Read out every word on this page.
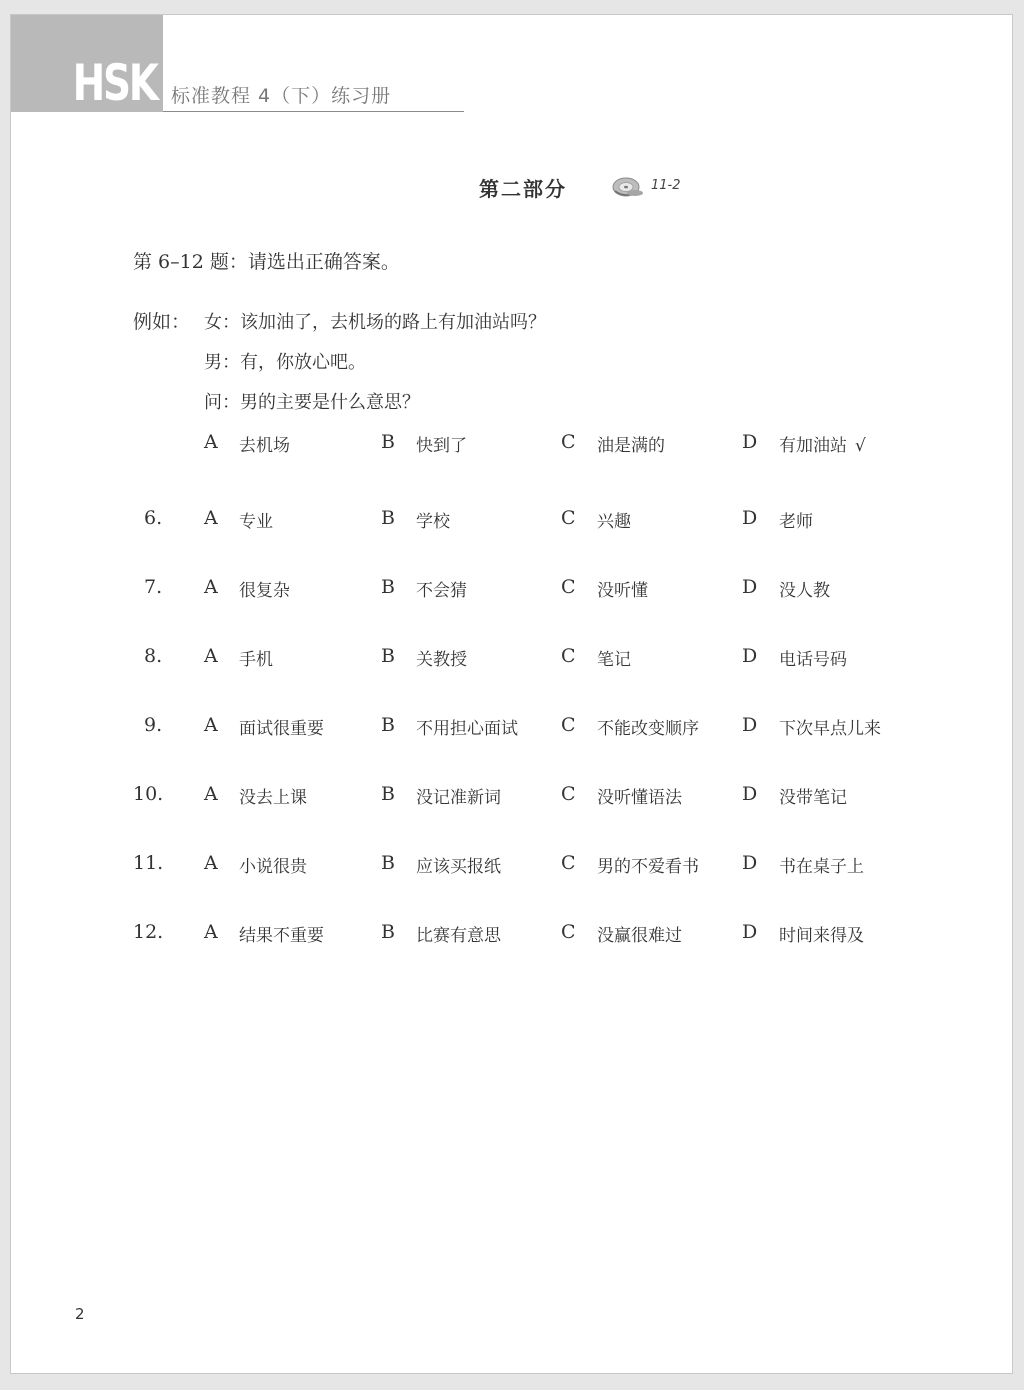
HSK 标准教程 4（下）练习册
第二部分	11-2
第 6–12 题：请选出正确答案。
例如： 女：该加油了，去机场的路上有加油站吗？
男：有，你放心吧。
问：男的主要是什么意思？
A 去机场	B 快到了	C 油是满的	D 有加油站 √
6.	A 专业	B 学校	C 兴趣	D 老师
7.	A 很复杂	B 不会猜	C 没听懂	D 没人教
8.	A 手机	B 关教授	C 笔记	D 电话号码
9.	A 面试很重要	B 不用担心面试 C 不能改变顺序 D 下次早点儿来
10.	A 没去上课	B 没记准新词	C 没听懂语法	D 没带笔记
11.	A 小说很贵	B 应该买报纸	C 男的不爱看书 D 书在桌子上
12.	A 结果不重要	B 比赛有意思	C 没赢很难过	D 时间来得及
2
